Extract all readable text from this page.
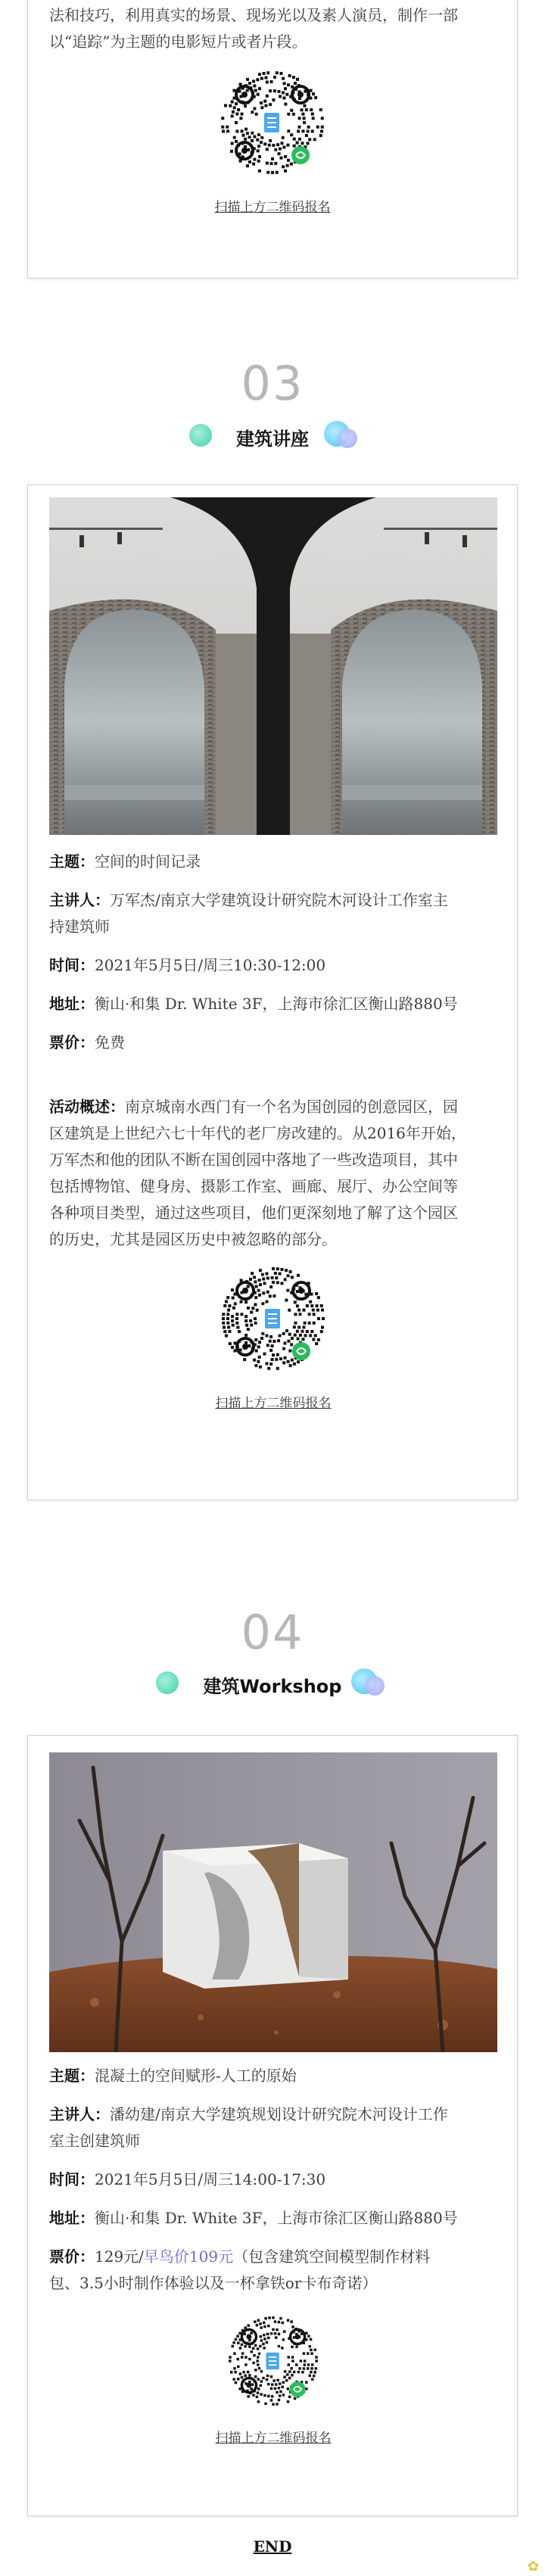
法和技巧，利用真实的场景、现场光以及素人演员，制作一部
以“追踪”为主题的电影短片或者片段。
扫描上方二维码报名
03
建筑讲座
主题：空间的时间记录
主讲人：万军杰/南京大学建筑设计研究院木河设计工作室主
持建筑师
时间：2021年5月5日/周三10:30-12:00
地址：衡山·和集 Dr. White 3F，上海市徐汇区衡山路880号
票价：免费
活动概述：南京城南水西门有一个名为国创园的创意园区，园
区建筑是上世纪六七十年代的老厂房改建的。从2016年开始，
万军杰和他的团队不断在国创园中落地了一些改造项目，其中
包括博物馆、健身房、摄影工作室、画廊、展厅、办公空间等
各种项目类型，通过这些项目，他们更深刻地了解了这个园区
的历史，尤其是园区历史中被忽略的部分。
扫描上方二维码报名
04
建筑Workshop
主题：混凝土的空间赋形-人工的原始
主讲人：潘幼建/南京大学建筑规划设计研究院木河设计工作
室主创建筑师
时间：2021年5月5日/周三14:00-17:30
地址：衡山·和集 Dr. White 3F，上海市徐汇区衡山路880号
票价：129元/早鸟价109元（包含建筑空间模型制作材料
包、3.5小时制作体验以及一杯拿铁or卡布奇诺）
扫描上方二维码报名
END
✿
